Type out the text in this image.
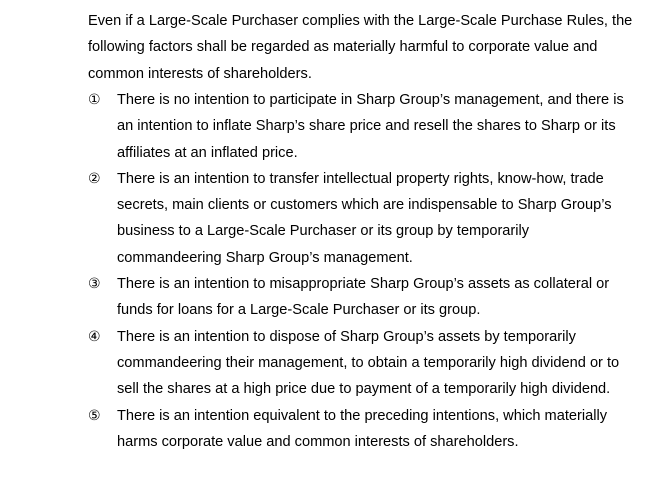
Even if a Large-Scale Purchaser complies with the Large-Scale Purchase Rules, the following factors shall be regarded as materially harmful to corporate value and common interests of shareholders.

① There is no intention to participate in Sharp Group’s management, and there is an intention to inflate Sharp’s share price and resell the shares to Sharp or its affiliates at an inflated price.
② There is an intention to transfer intellectual property rights, know-how, trade secrets, main clients or customers which are indispensable to Sharp Group’s business to a Large-Scale Purchaser or its group by temporarily commandeering Sharp Group’s management.
③ There is an intention to misappropriate Sharp Group’s assets as collateral or funds for loans for a Large-Scale Purchaser or its group.
④ There is an intention to dispose of Sharp Group’s assets by temporarily commandeering their management, to obtain a temporarily high dividend or to sell the shares at a high price due to payment of a temporarily high dividend.
⑤ There is an intention equivalent to the preceding intentions, which materially harms corporate value and common interests of shareholders.
